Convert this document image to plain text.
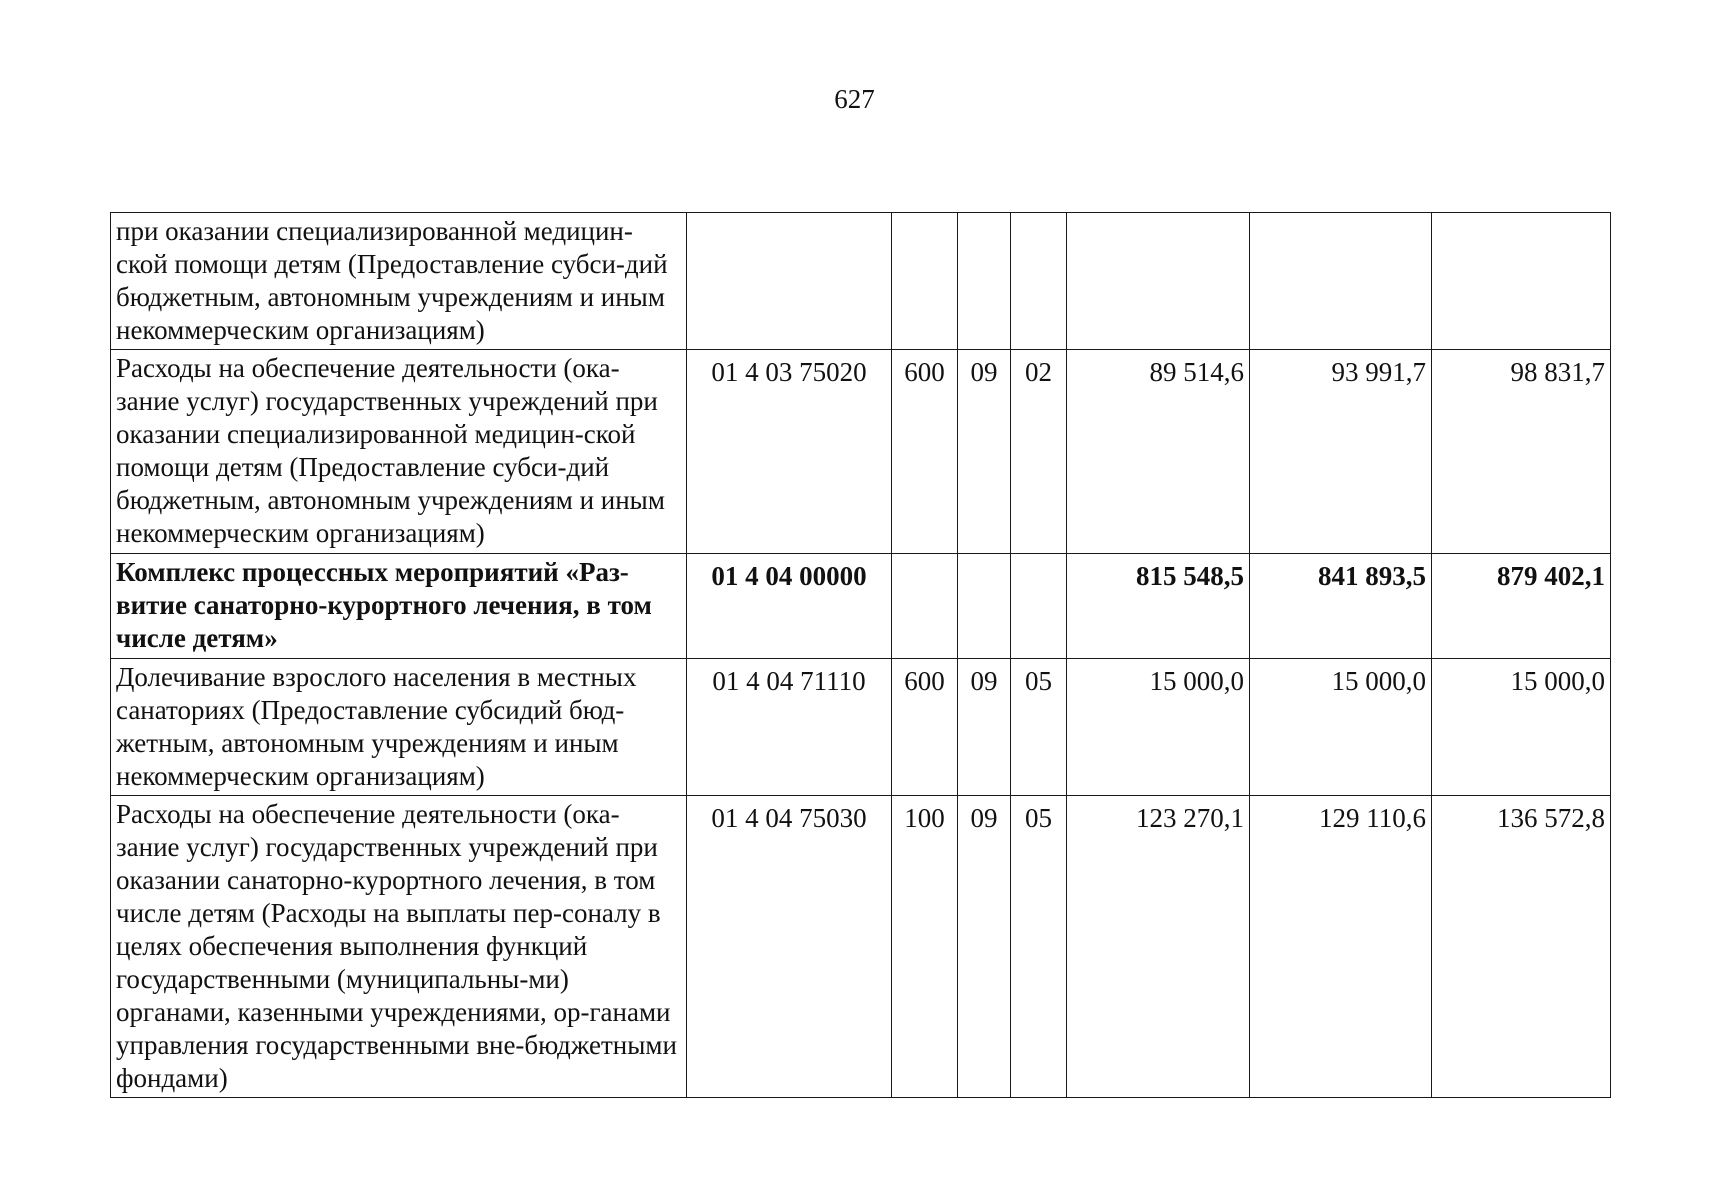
627
при оказании специализированной медицин-ской помощи детям (Предоставление субси-дий бюджетным, автономным учреждениям и иным некоммерческим организациям)							
Расходы на обеспечение деятельности (ока-зание услуг) государственных учреждений при оказании специализированной медицин-ской помощи детям (Предоставление субси-дий бюджетным, автономным учреждениям и иным некоммерческим организациям)	01 4 03 75020	600	09	02	89 514,6	93 991,7	98 831,7
Комплекс процессных мероприятий «Раз-витие санаторно-курортного лечения, в том числе детям»	01 4 04 00000				815 548,5	841 893,5	879 402,1
Долечивание взрослого населения в местных санаториях (Предоставление субсидий бюд-жетным, автономным учреждениям и иным некоммерческим организациям)	01 4 04 71110	600	09	05	15 000,0	15 000,0	15 000,0
Расходы на обеспечение деятельности (ока-зание услуг) государственных учреждений при оказании санаторно-курортного лечения, в том числе детям (Расходы на выплаты пер-соналу в целях обеспечения выполнения функций государственными (муниципальны-ми) органами, казенными учреждениями, ор-ганами управления государственными вне-бюджетными фондами)	01 4 04 75030	100	09	05	123 270,1	129 110,6	136 572,8
